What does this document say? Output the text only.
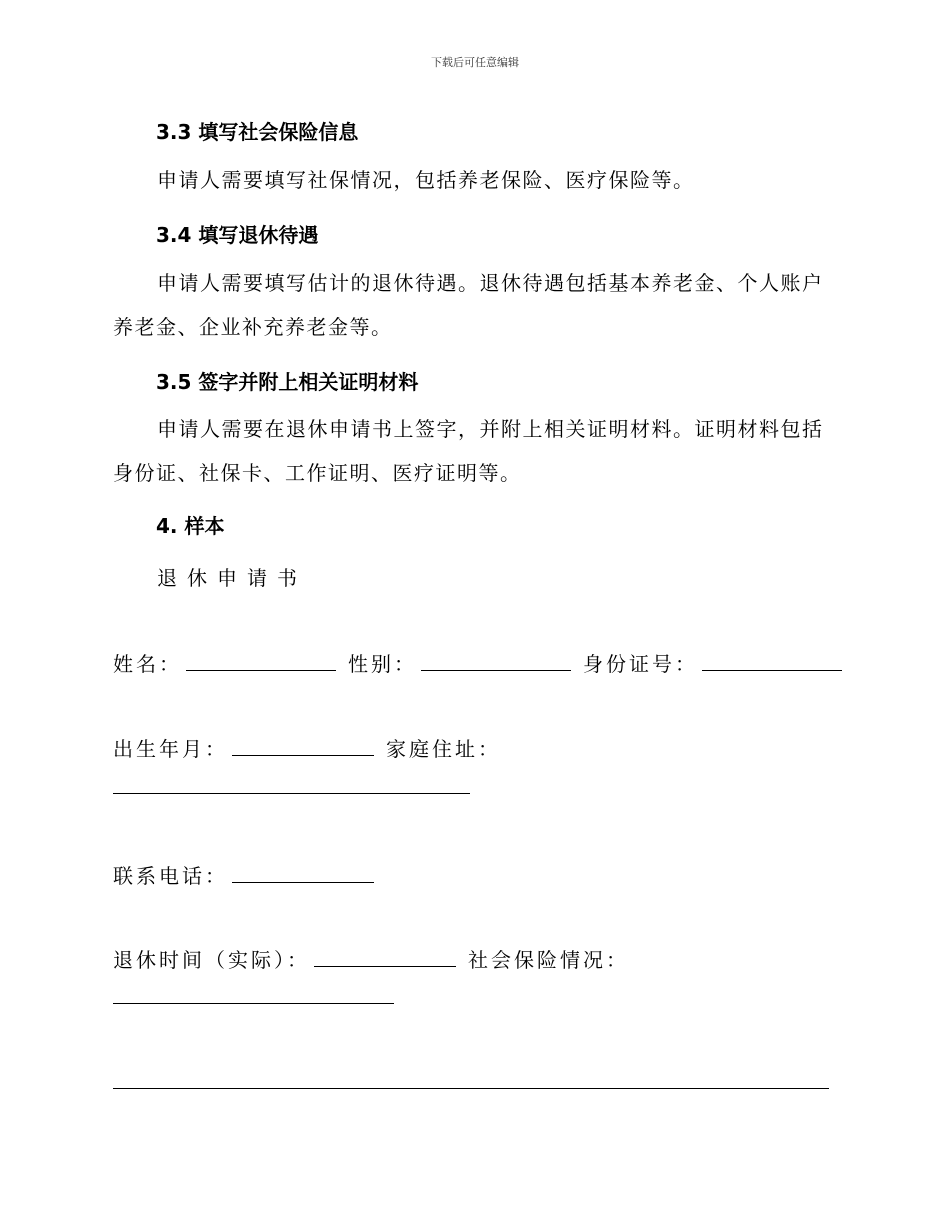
下载后可任意编辑
3.3 填写社会保险信息
申请人需要填写社保情况，包括养老保险、医疗保险等。
3.4 填写退休待遇
申请人需要填写估计的退休待遇。退休待遇包括基本养老金、个人账户养老金、企业补充养老金等。
3.5 签字并附上相关证明材料
申请人需要在退休申请书上签字，并附上相关证明材料。证明材料包括身份证、社保卡、工作证明、医疗证明等。
4. 样本
退休申请书
姓名：	性别：	身份证号：
出生年月：	家庭住址：
联系电话：
退休时间（实际）：	社会保险情况：
